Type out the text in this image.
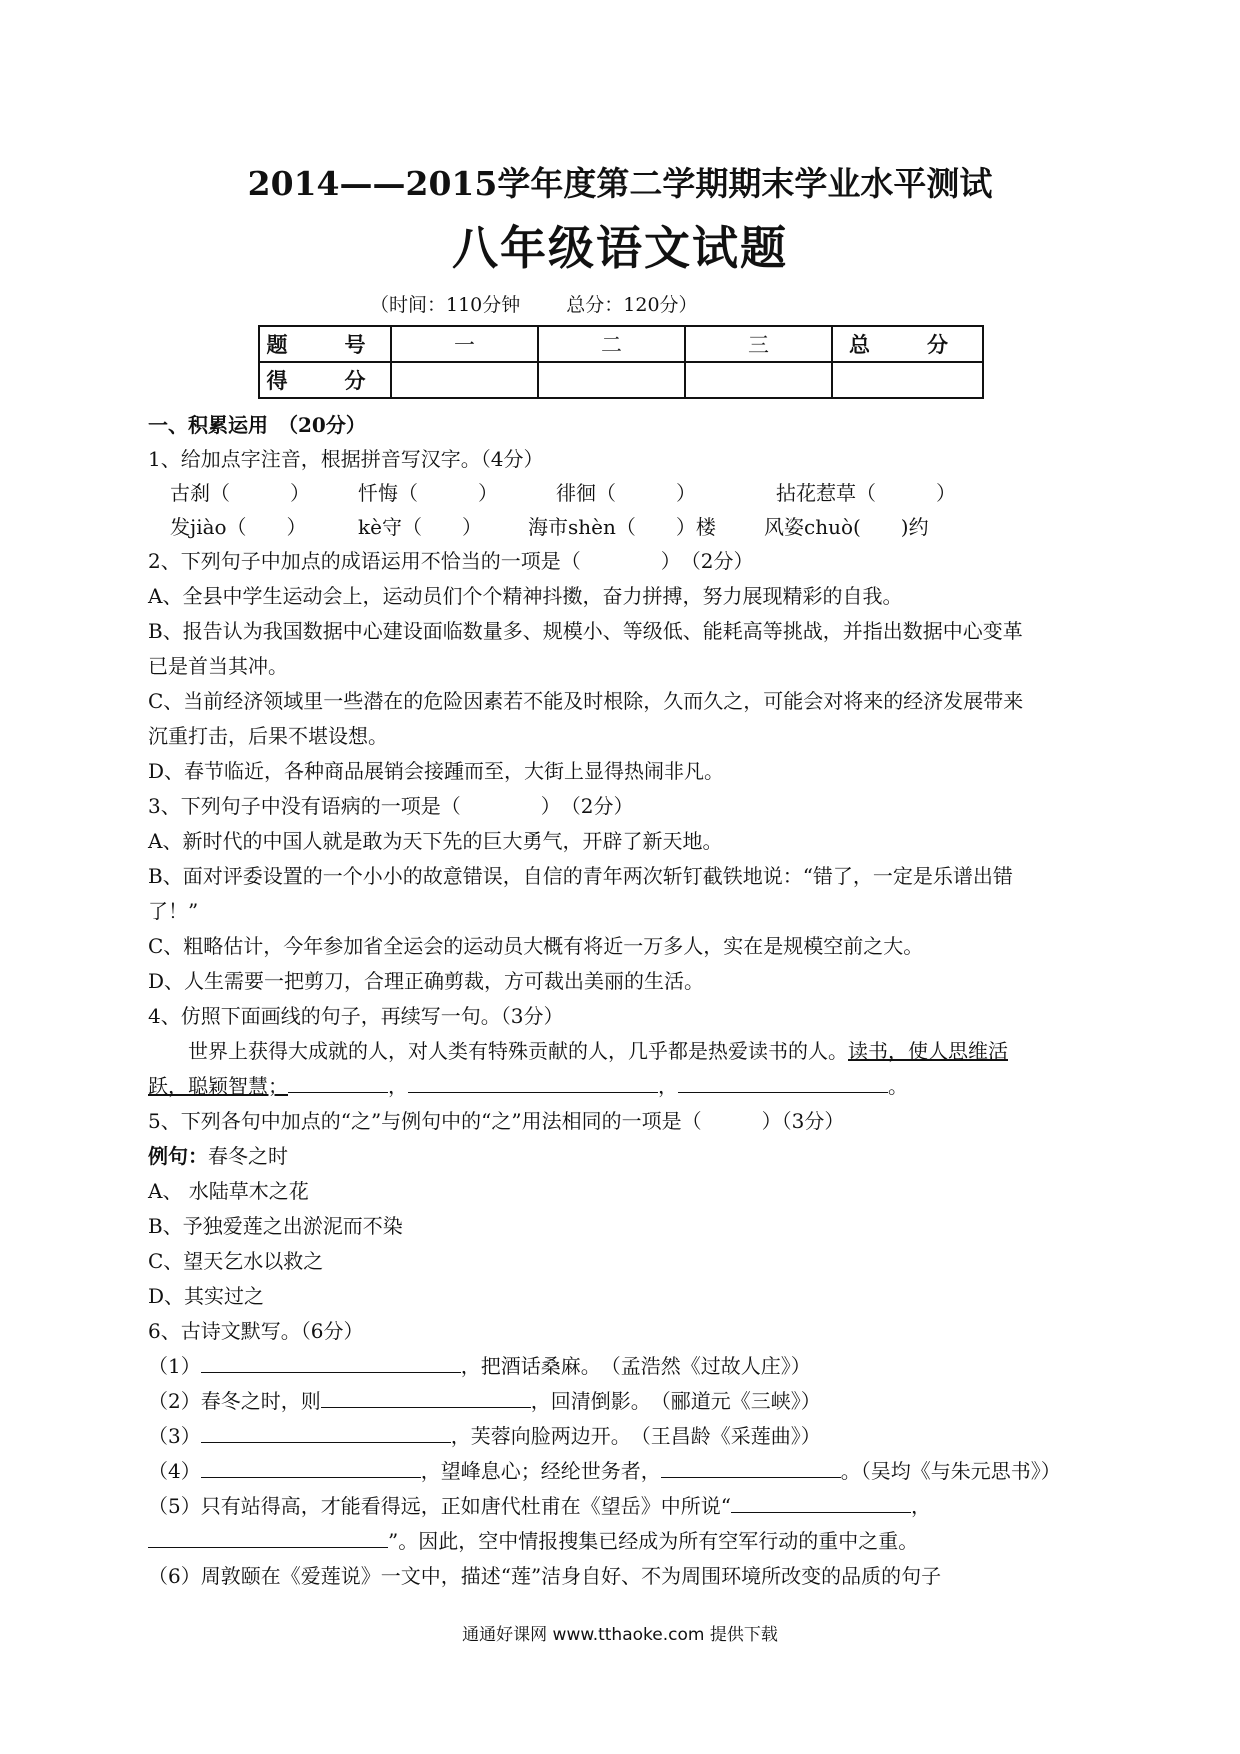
2014——2015学年度第二学期期末学业水平测试
八年级语文试题
（时间：110分钟 总分：120分）
题　号	一	二	三	总　分
得　分				
一、积累运用　（20分）
1、给加点字注音，根据拼音写汉字。（4分）
古刹（　　　） 忏悔（　　　）	徘徊（　　　）	拈花惹草（　　　）
发jiào（　　）	kè守（　　） 海市shèn（　　）楼 风姿chuò(　　)约
2、下列句子中加点的成语运用不恰当的一项是（　　　　）　（2分）
A、全县中学生运动会上，运动员们个个精神抖擞，奋力拼搏，努力展现精彩的自我。
B、报告认为我国数据中心建设面临数量多、规模小、等级低、能耗高等挑战，并指出数据中心变革
已是首当其冲。
C、当前经济领域里一些潜在的危险因素若不能及时根除，久而久之，可能会对将来的经济发展带来
沉重打击，后果不堪设想。
D、春节临近，各种商品展销会接踵而至，大街上显得热闹非凡。
3、下列句子中没有语病的一项是（　　　　）　（2分）
A、新时代的中国人就是敢为天下先的巨大勇气，开辟了新天地。
B、面对评委设置的一个小小的故意错误，自信的青年两次斩钉截铁地说：“错了，一定是乐谱出错
了！”
C、粗略估计，今年参加省全运会的运动员大概有将近一万多人，实在是规模空前之大。
D、人生需要一把剪刀，合理正确剪裁，方可裁出美丽的生活。
4、仿照下面画线的句子，再续写一句。（3分）
　　世界上获得大成就的人，对人类有特殊贡献的人，几乎都是热爱读书的人。读书，使人思维活
跃，聪颖智慧；	，	，	。
5、下列各句中加点的“之”与例句中的“之”用法相同的一项是（　　　）（3分）
例句：春冬之时
A、 水陆草木之花
B、予独爱莲之出淤泥而不染
C、望天乞水以救之
D、其实过之
6、古诗文默写。（6分）
（1）	，把酒话桑麻。　（孟浩然《过故人庄》）
（2）春冬之时，则	，回清倒影。　（郦道元《三峡》）
（3）	，芙蓉向脸两边开。　（王昌龄《采莲曲》）
（4）	，望峰息心；经纶世务者，	。（吴均《与朱元思书》）
（5）只有站得高，才能看得远，正如唐代杜甫在《望岳》中所说“	，
”。因此，空中情报搜集已经成为所有空军行动的重中之重。
（6）周敦颐在《爱莲说》一文中，描述“莲”洁身自好、不为周围环境所改变的品质的句子
通通好课网 www.tthaoke.com 提供下载
